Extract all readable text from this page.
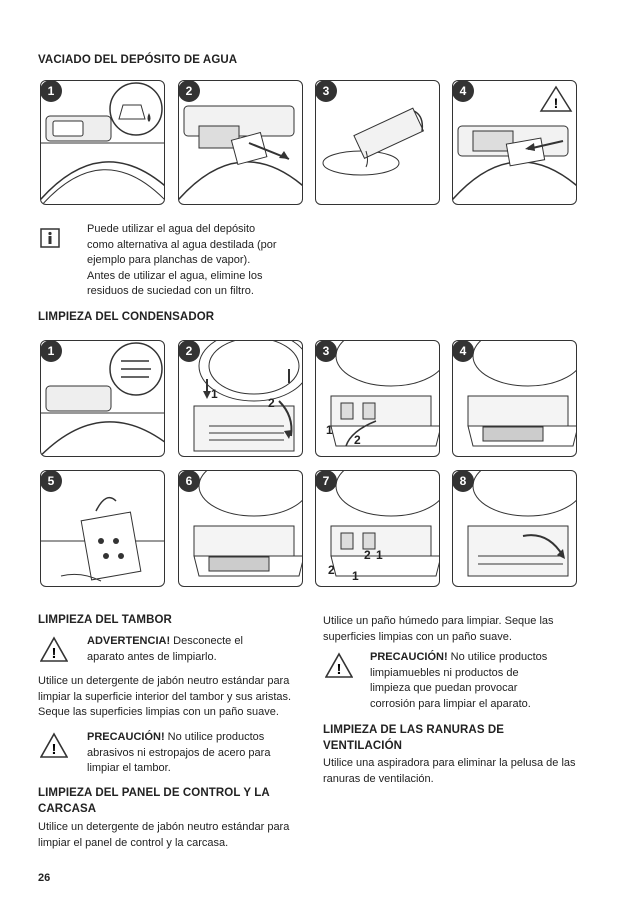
VACIADO DEL DEPÓSITO DE AGUA
!
1	2	3	4
Puede utilizar el agua del depósito
como alternativa al agua destilada (por
ejemplo para planchas de vapor).
Antes de utilizar el agua, elimine los
residuos de suciedad con un filtro.
LIMPIEZA DEL CONDENSADOR
1
2
1
2
1	2	3	4
1
2 1
2
5	6	7	8
LIMPIEZA DEL TAMBOR
!
ADVERTENCIA! Desconecte el
aparato antes de limpiarlo.
Utilice un detergente de jabón neutro estándar para
limpiar la superficie interior del tambor y sus aristas.
Seque las superficies limpias con un paño suave.
!
PRECAUCIÓN! No utilice productos
abrasivos ni estropajos de acero para
limpiar el tambor.
LIMPIEZA DEL PANEL DE CONTROL Y LA
CARCASA
Utilice un detergente de jabón neutro estándar para
limpiar el panel de control y la carcasa.
Utilice un paño húmedo para limpiar. Seque las
superficies limpias con un paño suave.
!
PRECAUCIÓN! No utilice productos
limpiamuebles ni productos de
limpieza que puedan provocar
corrosión para limpiar el aparato.
LIMPIEZA DE LAS RANURAS DE
VENTILACIÓN
Utilice una aspiradora para eliminar la pelusa de las
ranuras de ventilación.
26
